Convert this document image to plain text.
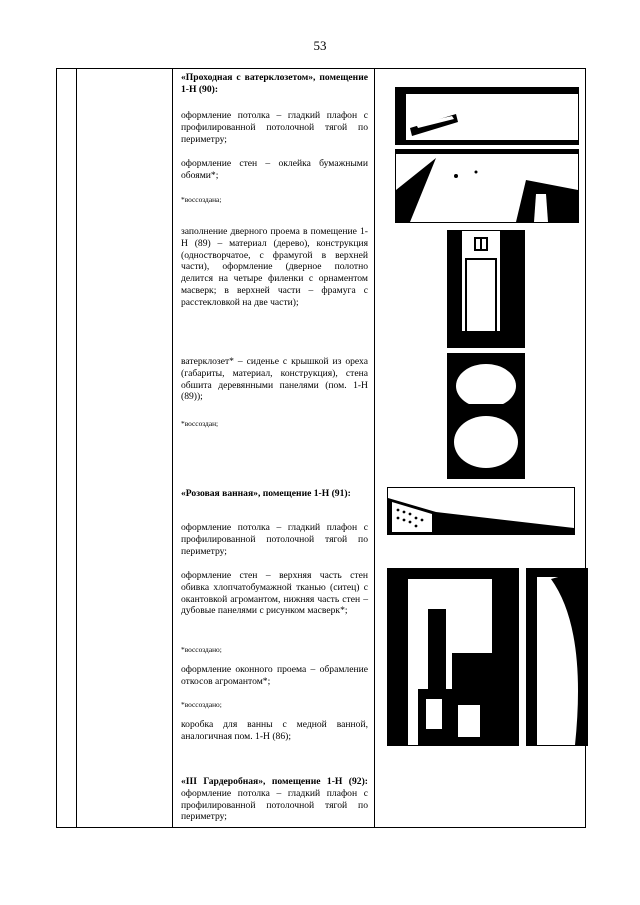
53
«Проходная с ватерклозетом», помещение 1-Н (90):
оформление потолка – гладкий плафон с профилированной потолочной тягой по периметру;
оформление стен – оклейка бумажными обоями*;
*воссоздана;
заполнение дверного проема в помещение 1-Н (89) – материал (дерево), конструкция (одностворчатое, с фрамугой в верхней части), оформление (дверное полотно делится на четыре филенки с орнаментом масверк; в верхней части – фрамуга с расстекловкой на две части);
ватерклозет* – сиденье с крышкой из ореха (габариты, материал, конструкция), стена обшита деревянными панелями (пом. 1-Н (89));
*воссоздан;
«Розовая ванная», помещение 1-Н (91):
оформление потолка – гладкий плафон с профилированной потолочной тягой по периметру;
оформление стен – верхняя часть стен обивка хлопчатобумажной тканью (ситец) с окантовкой агромантом, нижняя часть стен – дубовые панелями с рисунком масверк*;
*воссоздано;
оформление оконного проема – обрамление откосов агромантом*;
*воссоздано;
коробка для ванны с медной ванной, аналогичная пом. 1-Н (86);
«III Гардеробная», помещение 1-Н (92): оформление потолка – гладкий плафон с профилированной потолочной тягой по периметру;
